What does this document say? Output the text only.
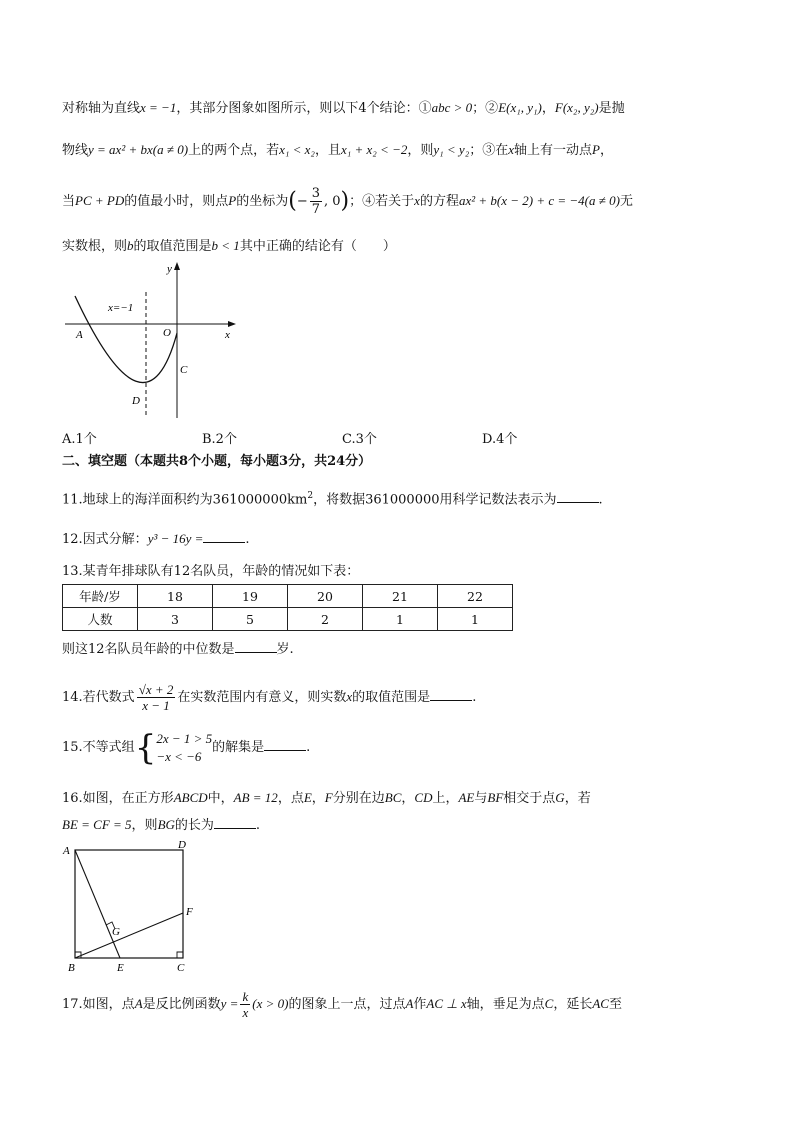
对称轴为直线x = −1，其部分图象如图所示，则以下4个结论：①abc > 0；②E(x₁, y₁)，F(x₂, y₂)是抛
物线y = ax² + bx(a ≠ 0)上的两个点，若x₁ < x₂，且x₁ + x₂ < −2，则y₁ < y₂；③在x轴上有一动点P，
当PC + PD的值最小时，则点P的坐标为(− $\frac{3}{7}$ , 0)；④若关于x的方程ax² + b(x − 2) + c = −4(a ≠ 0)无
实数根，则b的取值范围是b < 1其中正确的结论有（　　）
y
x
O
x=−1
A
C
D
A.1个	B.2个	C.3个	D.4个
二、填空题（本题共8个小题，每小题3分，共24分）
11.地球上的海洋面积约为$361000000km^2$，将数据361000000用科学记数法表示为	.
12.因式分解：y³ − 16y =	.
13.某青年排球队有12名队员，年龄的情况如下表：
年龄/岁	18	19	20	21	22
人数	3	5	2	1	1
则这12名队员年龄的中位数是	岁.
14.若代数式 $\frac{√x + 2}{x - 1}$ 在实数范围内有意义，则实数x的取值范围是	.
15.不等式组{ 2x − 1 > 5
−x < −6
的解集是	.
16.如图，在正方形ABCD中，AB = 12，点E，F分别在边BC，CD上，AE与BF相交于点G，若
BE = CF = 5，则BG的长为	.
A	D
F
G
B	E	C
17.如图，点A是反比例函数$y = \frac{k}{x} (x > 0)$的图象上一点，过点A作AC ⊥ x轴，垂足为点C，延长AC至
